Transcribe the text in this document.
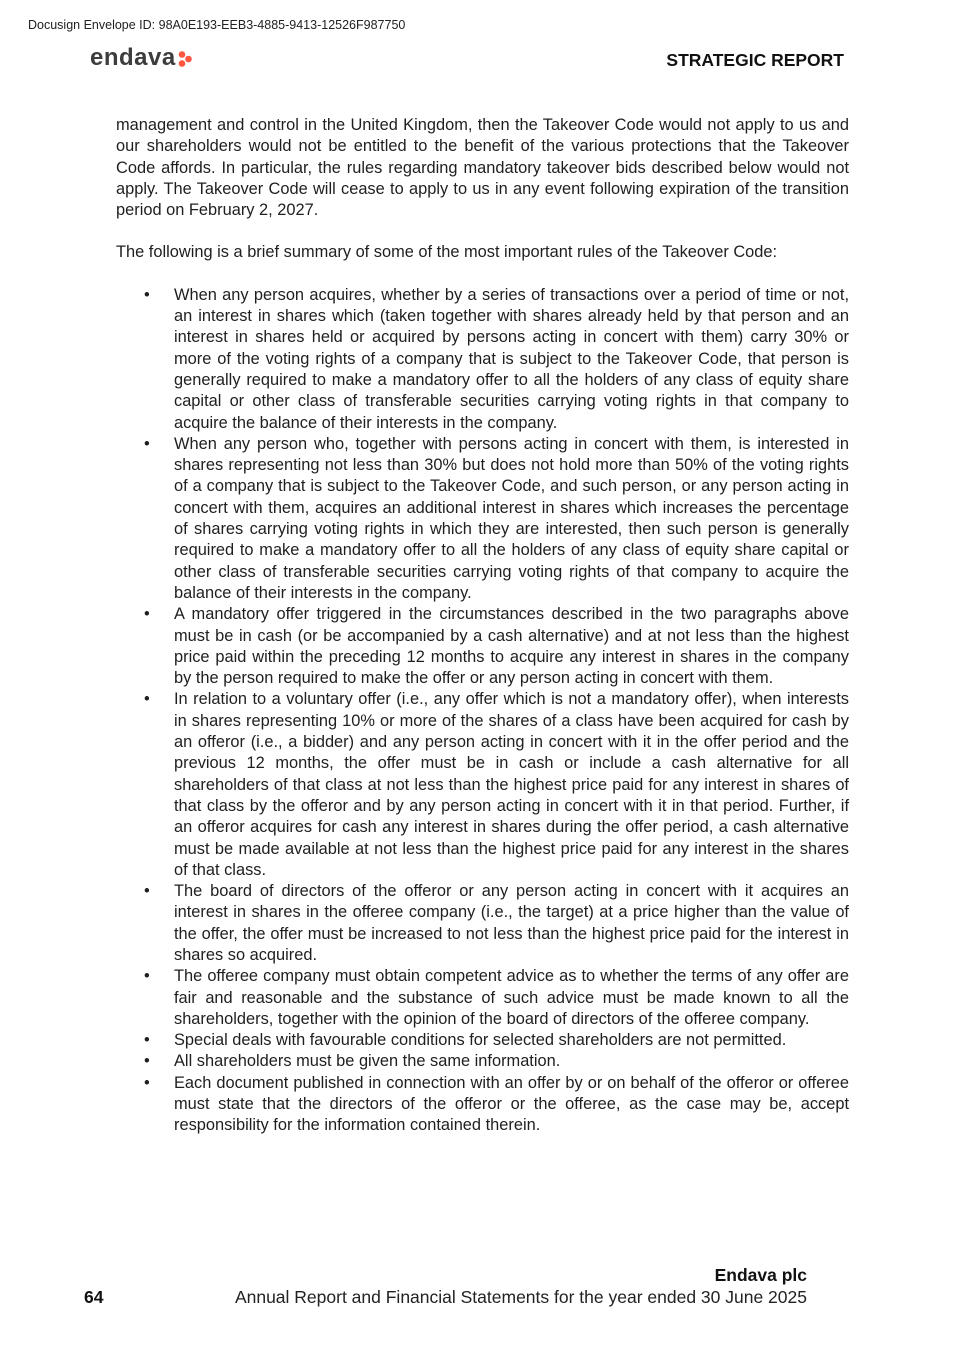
Docusign Envelope ID: 98A0E193-EEB3-4885-9413-12526F987750
endava	STRATEGIC REPORT

management and control in the United Kingdom, then the Takeover Code would not apply to us and our shareholders would not be entitled to the benefit of the various protections that the Takeover Code affords. In particular, the rules regarding mandatory takeover bids described below would not apply. The Takeover Code will cease to apply to us in any event following expiration of the transition period on February 2, 2027.

The following is a brief summary of some of the most important rules of the Takeover Code:

• When any person acquires, whether by a series of transactions over a period of time or not, an interest in shares which (taken together with shares already held by that person and an interest in shares held or acquired by persons acting in concert with them) carry 30% or more of the voting rights of a company that is subject to the Takeover Code, that person is generally required to make a mandatory offer to all the holders of any class of equity share capital or other class of transferable securities carrying voting rights in that company to acquire the balance of their interests in the company.
• When any person who, together with persons acting in concert with them, is interested in shares representing not less than 30% but does not hold more than 50% of the voting rights of a company that is subject to the Takeover Code, and such person, or any person acting in concert with them, acquires an additional interest in shares which increases the percentage of shares carrying voting rights in which they are interested, then such person is generally required to make a mandatory offer to all the holders of any class of equity share capital or other class of transferable securities carrying voting rights of that company to acquire the balance of their interests in the company.
• A mandatory offer triggered in the circumstances described in the two paragraphs above must be in cash (or be accompanied by a cash alternative) and at not less than the highest price paid within the preceding 12 months to acquire any interest in shares in the company by the person required to make the offer or any person acting in concert with them.
• In relation to a voluntary offer (i.e., any offer which is not a mandatory offer), when interests in shares representing 10% or more of the shares of a class have been acquired for cash by an offeror (i.e., a bidder) and any person acting in concert with it in the offer period and the previous 12 months, the offer must be in cash or include a cash alternative for all shareholders of that class at not less than the highest price paid for any interest in shares of that class by the offeror and by any person acting in concert with it in that period. Further, if an offeror acquires for cash any interest in shares during the offer period, a cash alternative must be made available at not less than the highest price paid for any interest in the shares of that class.
• The board of directors of the offeror or any person acting in concert with it acquires an interest in shares in the offeree company (i.e., the target) at a price higher than the value of the offer, the offer must be increased to not less than the highest price paid for the interest in shares so acquired.
• The offeree company must obtain competent advice as to whether the terms of any offer are fair and reasonable and the substance of such advice must be made known to all the shareholders, together with the opinion of the board of directors of the offeree company.
• Special deals with favourable conditions for selected shareholders are not permitted.
• All shareholders must be given the same information.
• Each document published in connection with an offer by or on behalf of the offeror or offeree must state that the directors of the offeror or the offeree, as the case may be, accept responsibility for the information contained therein.
Endava plc
64	Annual Report and Financial Statements for the year ended 30 June 2025
